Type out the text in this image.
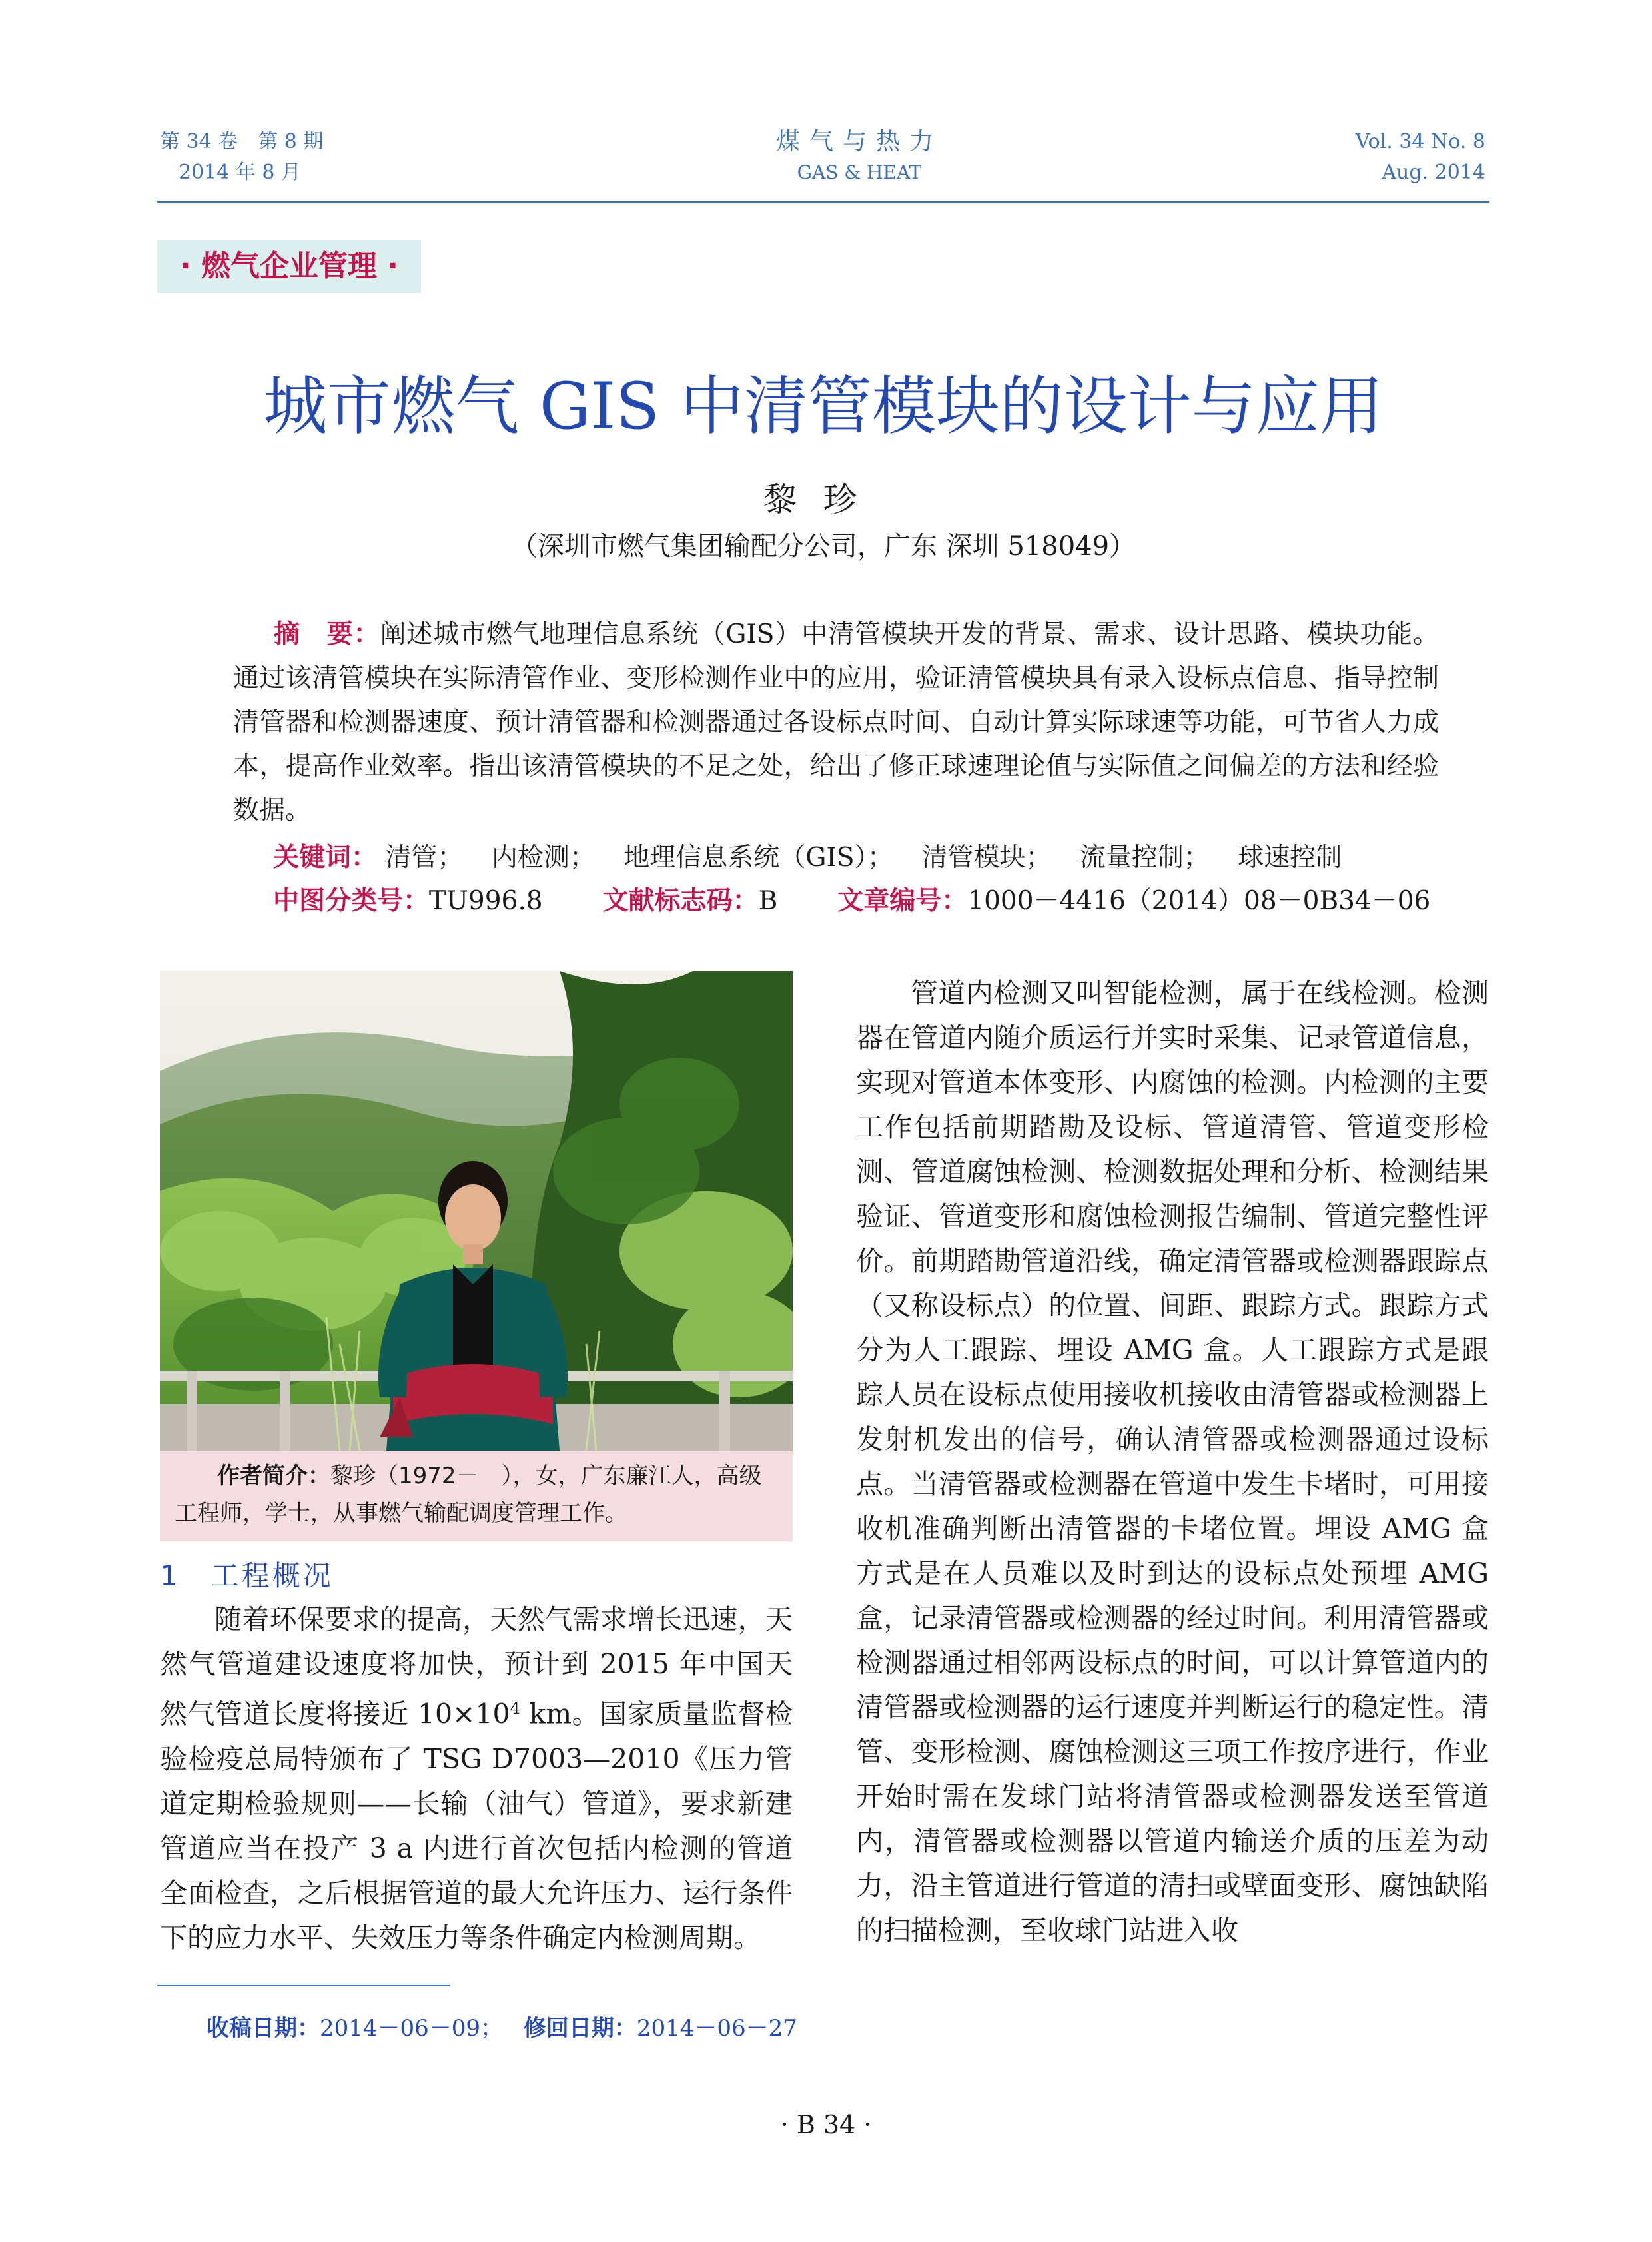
第 34 卷　第 8 期
2014 年 8 月
煤气与热力
GAS & HEAT
Vol. 34 No. 8
Aug. 2014
· 燃气企业管理 ·
城市燃气 GIS 中清管模块的设计与应用
黎珍
（深圳市燃气集团输配分公司，广东 深圳 518049）
摘　要：阐述城市燃气地理信息系统（GIS）中清管模块开发的背景、需求、设计思路、模块功能。通过该清管模块在实际清管作业、变形检测作业中的应用，验证清管模块具有录入设标点信息、指导控制清管器和检测器速度、预计清管器和检测器通过各设标点时间、自动计算实际球速等功能，可节省人力成本，提高作业效率。指出该清管模块的不足之处，给出了修正球速理论值与实际值之间偏差的方法和经验数据。
关键词： 清管； 内检测； 地理信息系统（GIS）； 清管模块； 流量控制； 球速控制
中图分类号：TU996.8 文献标志码：B 文章编号：1000－4416（2014）08－0B34－06
作者简介：黎珍（1972－　），女，广东廉江人，高级工程师，学士，从事燃气输配调度管理工作。
1　工程概况

随着环保要求的提高，天然气需求增长迅速，天然气管道建设速度将加快，预计到 2015 年中国天然气管道长度将接近 $10\times 10^4$ km。国家质量监督检验检疫总局特颁布了 TSG D7003—2010《压力管道定期检验规则——长输（油气）管道》，要求新建管道应当在投产 3 a 内进行首次包括内检测的管道全面检查，之后根据管道的最大允许压力、运行条件下的应力水平、失效压力等条件确定内检测周期。

管道内检测又叫智能检测，属于在线检测。检测器在管道内随介质运行并实时采集、记录管道信息，实现对管道本体变形、内腐蚀的检测。内检测的主要工作包括前期踏勘及设标、管道清管、管道变形检测、管道腐蚀检测、检测数据处理和分析、检测结果验证、管道变形和腐蚀检测报告编制、管道完整性评价。前期踏勘管道沿线，确定清管器或检测器跟踪点（又称设标点）的位置、间距、跟踪方式。跟踪方式分为人工跟踪、埋设 AMG 盒。人工跟踪方式是跟踪人员在设标点使用接收机接收由清管器或检测器上发射机发出的信号，确认清管器或检测器通过设标点。当清管器或检测器在管道中发生卡堵时，可用接收机准确判断出清管器的卡堵位置。埋设 AMG 盒方式是在人员难以及时到达的设标点处预埋 AMG 盒，记录清管器或检测器的经过时间。利用清管器或检测器通过相邻两设标点的时间，可以计算管道内的清管器或检测器的运行速度并判断运行的稳定性。清管、变形检测、腐蚀检测这三项工作按序进行，作业开始时需在发球门站将清管器或检测器发送至管道内，清管器或检测器以管道内输送介质的压差为动力，沿主管道进行管道的清扫或壁面变形、腐蚀缺陷的扫描检测，至收球门站进入收

收稿日期：2014－06－09； 修回日期：2014－06－27
· B 34 ·
